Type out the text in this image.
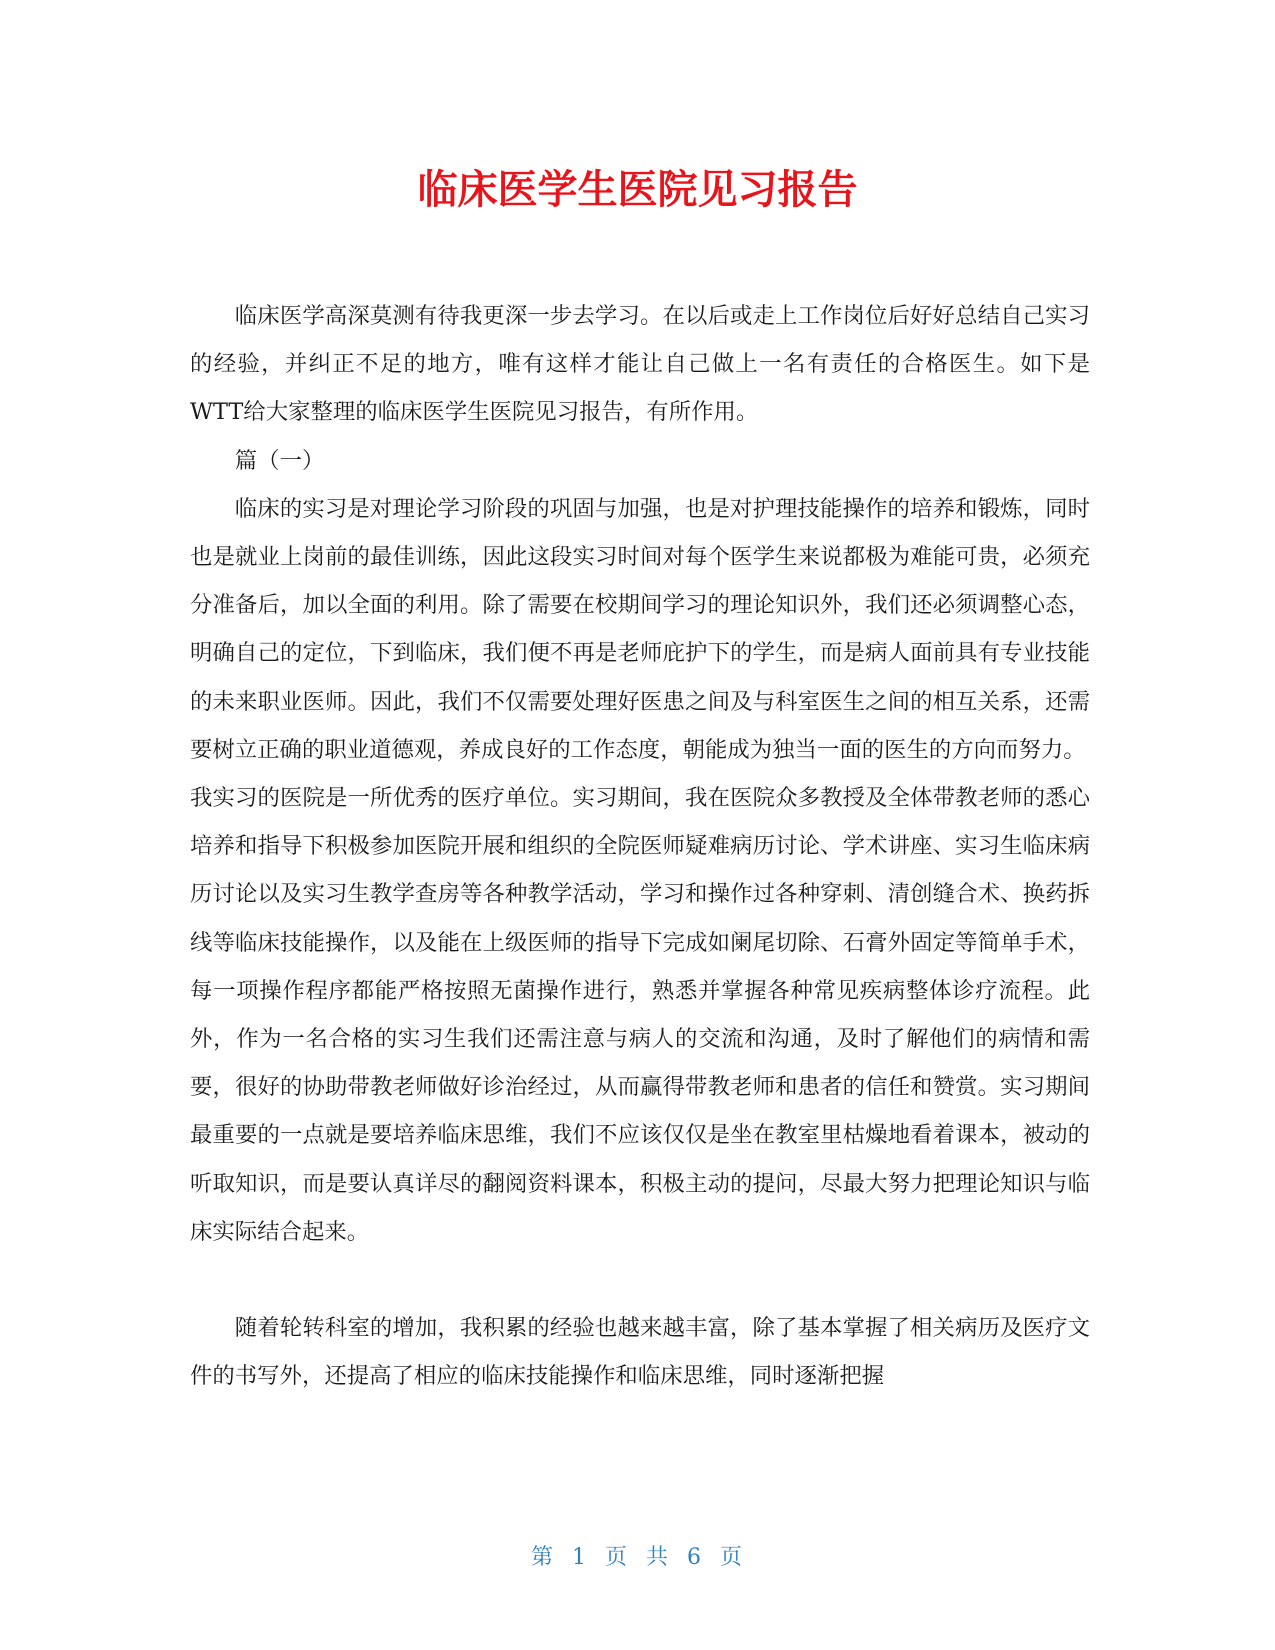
临床医学生医院见习报告

临床医学高深莫测有待我更深一步去学习。在以后或走上工作岗位后好好总结自己实习的经验，并纠正不足的地方，唯有这样才能让自己做上一名有责任的合格医生。如下是WTT给大家整理的临床医学生医院见习报告，有所作用。

篇（一）

临床的实习是对理论学习阶段的巩固与加强，也是对护理技能操作的培养和锻炼，同时也是就业上岗前的最佳训练，因此这段实习时间对每个医学生来说都极为难能可贵，必须充分准备后，加以全面的利用。除了需要在校期间学习的理论知识外，我们还必须调整心态，明确自己的定位，下到临床，我们便不再是老师庇护下的学生，而是病人面前具有专业技能的未来职业医师。因此，我们不仅需要处理好医患之间及与科室医生之间的相互关系，还需要树立正确的职业道德观，养成良好的工作态度，朝能成为独当一面的医生的方向而努力。

我实习的医院是一所优秀的医疗单位。实习期间，我在医院众多教授及全体带教老师的悉心培养和指导下积极参加医院开展和组织的全院医师疑难病历讨论、学术讲座、实习生临床病历讨论以及实习生教学查房等各种教学活动，学习和操作过各种穿刺、清创缝合术、换药拆线等临床技能操作，以及能在上级医师的指导下完成如阑尾切除、石膏外固定等简单手术，每一项操作程序都能严格按照无菌操作进行，熟悉并掌握各种常见疾病整体诊疗流程。此外，作为一名合格的实习生我们还需注意与病人的交流和沟通，及时了解他们的病情和需要，很好的协助带教老师做好诊治经过，从而赢得带教老师和患者的信任和赞赏。实习期间最重要的一点就是要培养临床思维，我们不应该仅仅是坐在教室里枯燥地看着课本，被动的听取知识，而是要认真详尽的翻阅资料课本，积极主动的提问，尽最大努力把理论知识与临床实际结合起来。

随着轮转科室的增加，我积累的经验也越来越丰富，除了基本掌握了相关病历及医疗文件的书写外，还提高了相应的临床技能操作和临床思维，同时逐渐把握

第 1 页 共 6 页
